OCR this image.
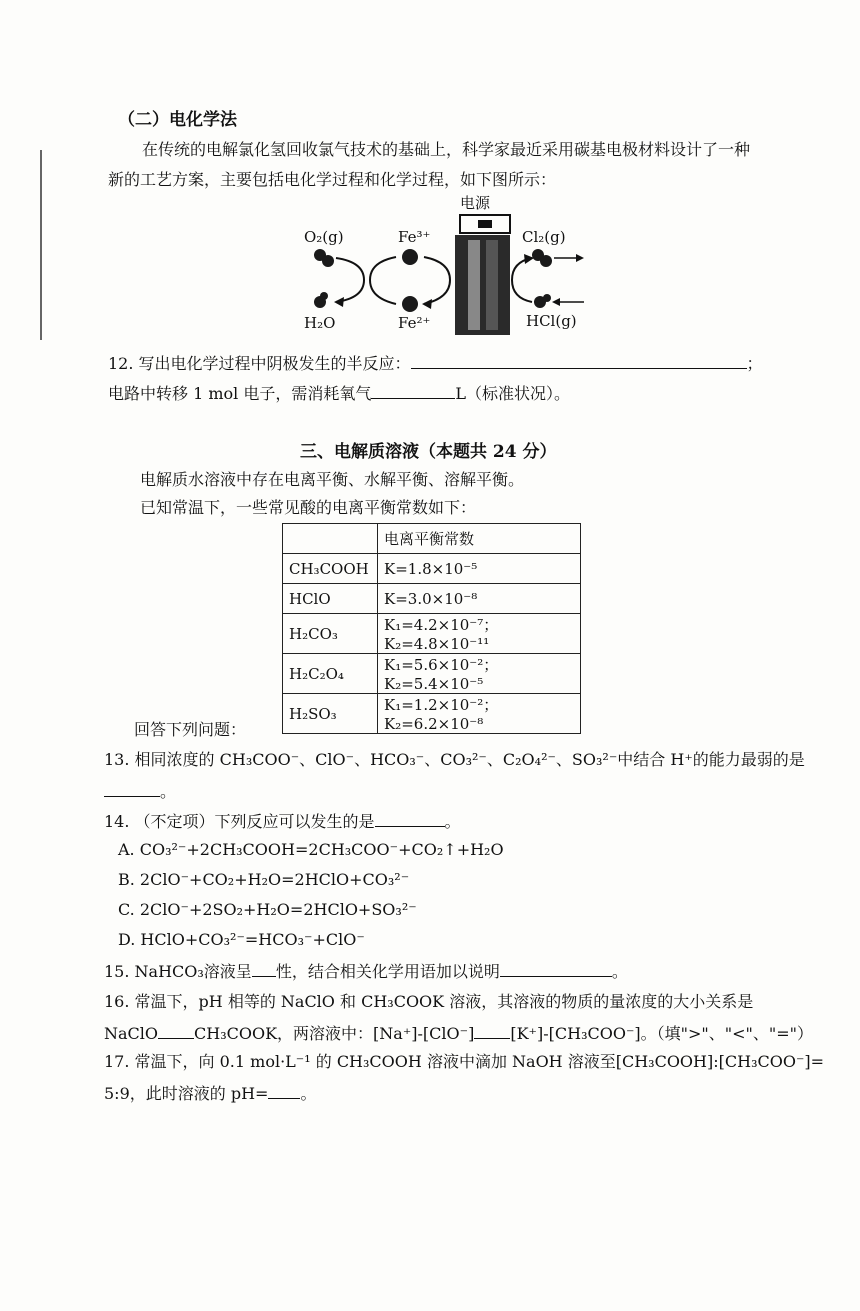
（二）电化学法
在传统的电解氯化氢回收氯气技术的基础上，科学家最近采用碳基电极材料设计了一种
新的工艺方案，主要包括电化学过程和化学过程，如下图所示：
电源
O₂(g)
H₂O
Fe³⁺
Fe²⁺
Cl₂(g)
HCl(g)
12. 写出电化学过程中阴极发生的半反应：	；
电路中转移 1 mol 电子，需消耗氧气	L（标准状况）。
三、电解质溶液（本题共 24 分）
电解质水溶液中存在电离平衡、水解平衡、溶解平衡。
已知常温下，一些常见酸的电离平衡常数如下：
	电离平衡常数
CH₃COOH	K=1.8×10⁻⁵
HClO	K=3.0×10⁻⁸
H₂CO₃	K₁=4.2×10⁻⁷；K₂=4.8×10⁻¹¹
H₂C₂O₄	K₁=5.6×10⁻²；K₂=5.4×10⁻⁵
H₂SO₃	K₁=1.2×10⁻²；K₂=6.2×10⁻⁸
回答下列问题：
13. 相同浓度的 CH₃COO⁻、ClO⁻、HCO₃⁻、CO₃²⁻、C₂O₄²⁻、SO₃²⁻中结合 H⁺的能力最弱的是
。
14. （不定项）下列反应可以发生的是	。
A. CO₃²⁻+2CH₃COOH=2CH₃COO⁻+CO₂↑+H₂O
B. 2ClO⁻+CO₂+H₂O=2HClO+CO₃²⁻
C. 2ClO⁻+2SO₂+H₂O=2HClO+SO₃²⁻
D. HClO+CO₃²⁻=HCO₃⁻+ClO⁻
15. NaHCO₃溶液呈 性，结合相关化学用语加以说明	。
16. 常温下，pH 相等的 NaClO 和 CH₃COOK 溶液，其溶液的物质的量浓度的大小关系是
NaClO CH₃COOK，两溶液中：[Na⁺]-[ClO⁻] [K⁺]-[CH₃COO⁻]。（填">"、"<"、"="）
17. 常温下，向 0.1 mol·L⁻¹ 的 CH₃COOH 溶液中滴加 NaOH 溶液至[CH₃COOH]:[CH₃COO⁻]=
5:9，此时溶液的 pH= 。
